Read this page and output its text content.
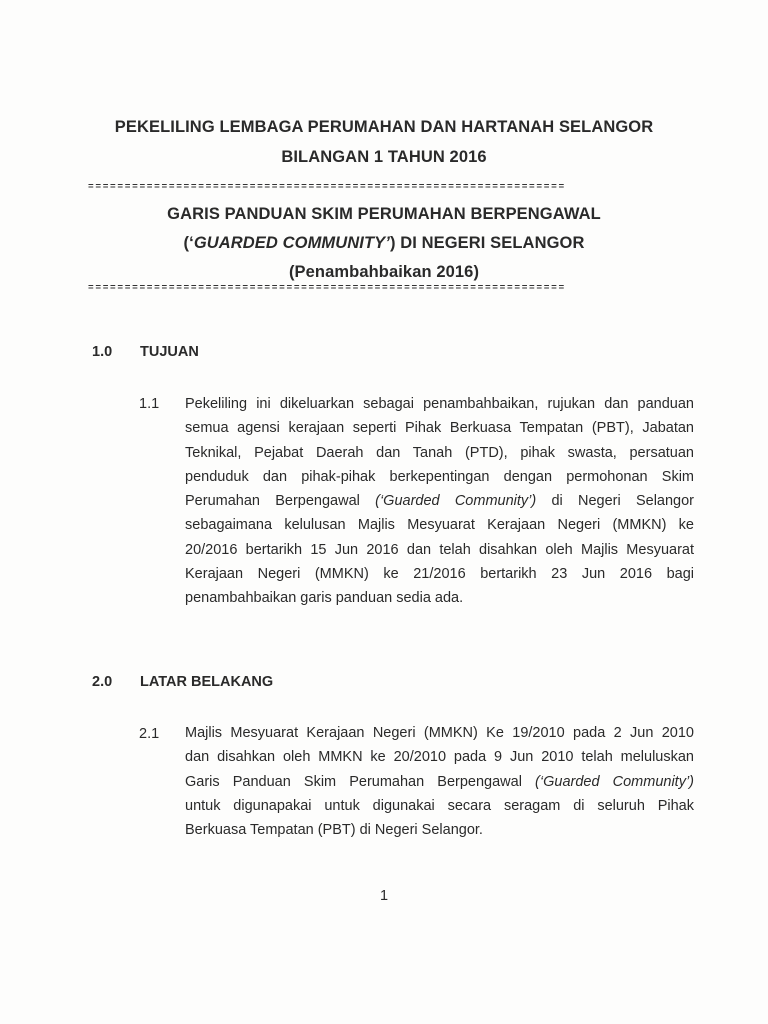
PEKELILING LEMBAGA PERUMAHAN DAN HARTANAH SELANGOR
BILANGAN 1 TAHUN 2016
=================================================================
GARIS PANDUAN SKIM PERUMAHAN BERPENGAWAL
(‘GUARDED COMMUNITY’) DI NEGERI SELANGOR
(Penambahbaikan 2016)
=================================================================
1.0 TUJUAN
1.1 Pekeliling ini dikeluarkan sebagai penambahbaikan, rujukan dan panduan
semua agensi kerajaan seperti Pihak Berkuasa Tempatan (PBT), Jabatan
Teknikal, Pejabat Daerah dan Tanah (PTD), pihak swasta, persatuan
penduduk dan pihak-pihak berkepentingan dengan permohonan Skim
Perumahan Berpengawal (‘Guarded Community’) di Negeri Selangor
sebagaimana kelulusan Majlis Mesyuarat Kerajaan Negeri (MMKN) ke
20/2016 bertarikh 15 Jun 2016 dan telah disahkan oleh Majlis Mesyuarat
Kerajaan Negeri (MMKN) ke 21/2016 bertarikh 23 Jun 2016 bagi
penambahbaikan garis panduan sedia ada.
2.0 LATAR BELAKANG
2.1 Majlis Mesyuarat Kerajaan Negeri (MMKN) Ke 19/2010 pada 2 Jun 2010
dan disahkan oleh MMKN ke 20/2010 pada 9 Jun 2010 telah meluluskan
Garis Panduan Skim Perumahan Berpengawal (‘Guarded Community’)
untuk digunapakai untuk digunakai secara seragam di seluruh Pihak
Berkuasa Tempatan (PBT) di Negeri Selangor.
1
